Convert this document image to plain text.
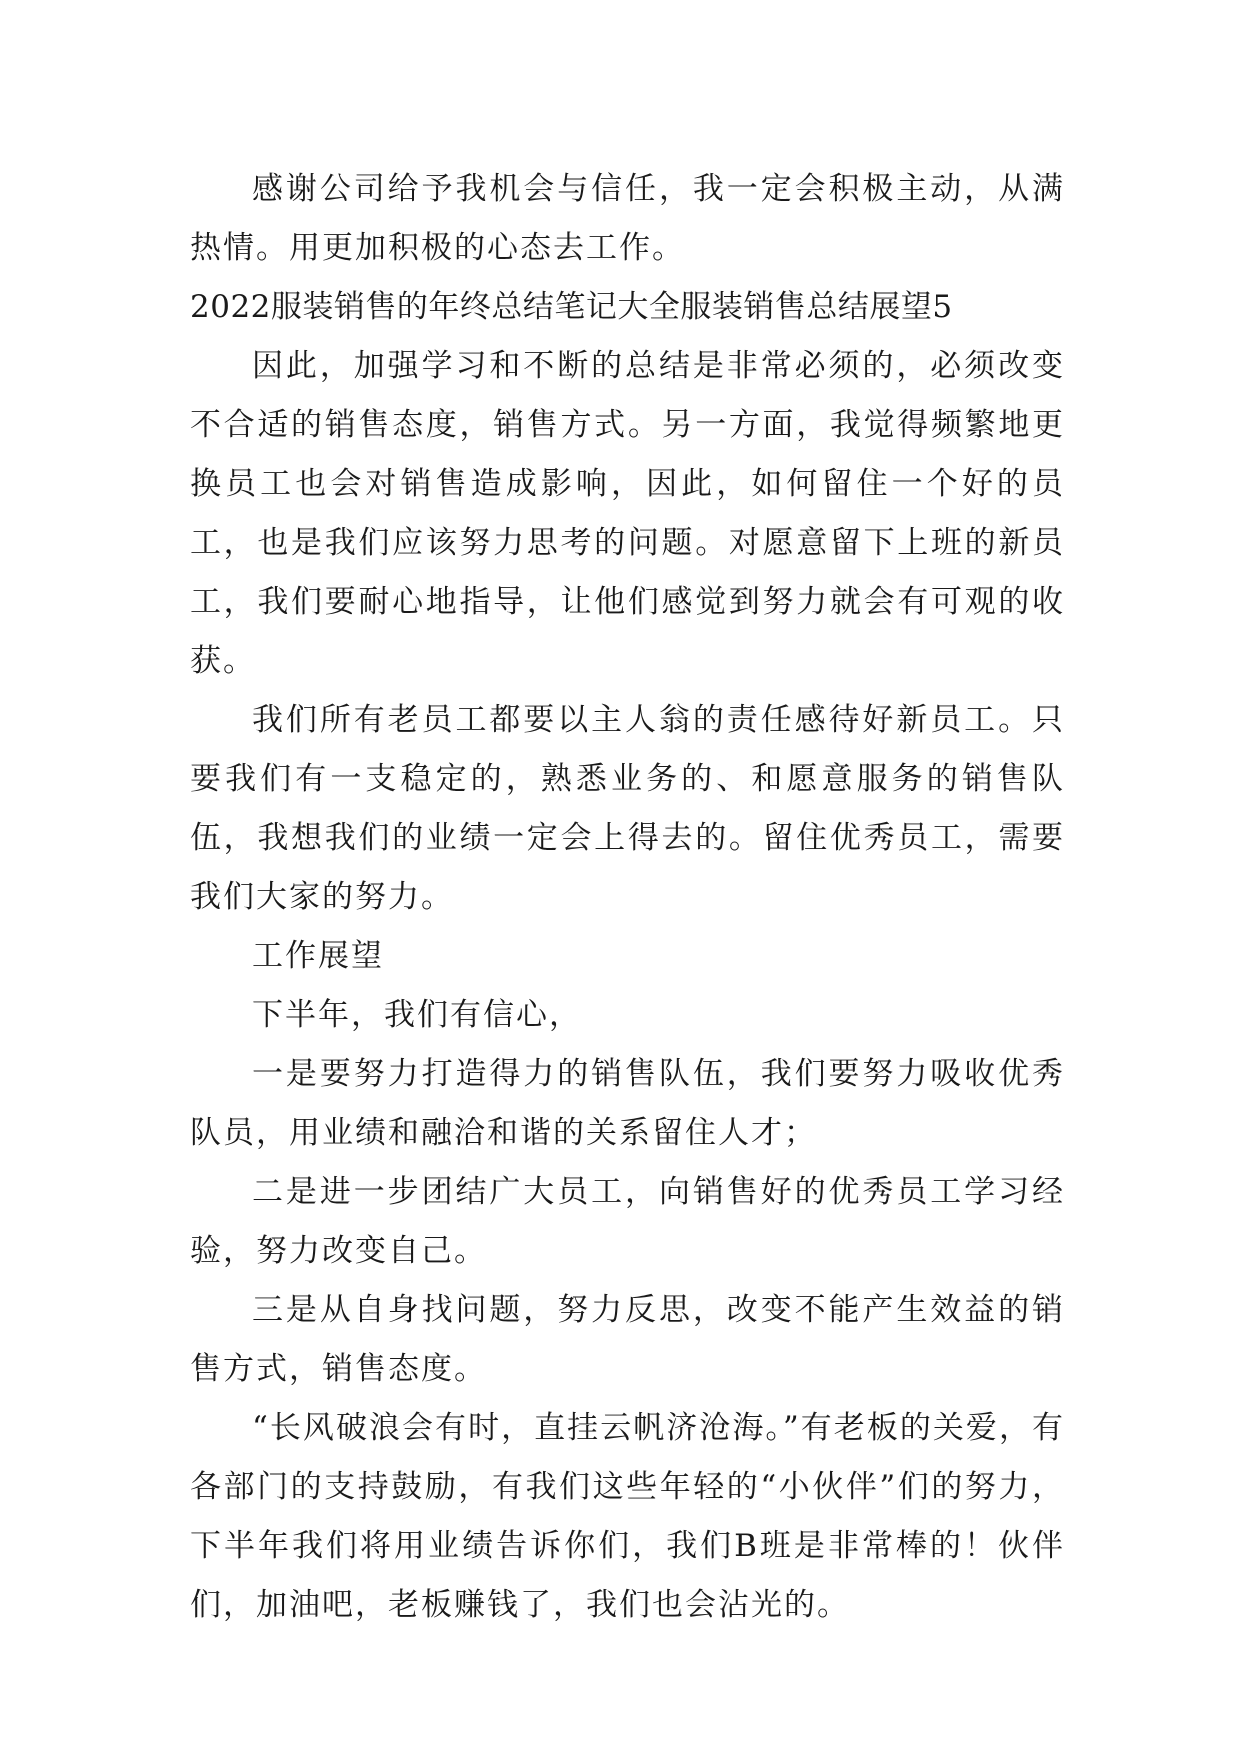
感谢公司给予我机会与信任，我一定会积极主动，从满热情。用更加积极的心态去工作。

2022服装销售的年终总结笔记大全服装销售总结展望5

因此，加强学习和不断的总结是非常必须的，必须改变不合适的销售态度，销售方式。另一方面，我觉得频繁地更换员工也会对销售造成影响，因此，如何留住一个好的员工，也是我们应该努力思考的问题。对愿意留下上班的新员工，我们要耐心地指导，让他们感觉到努力就会有可观的收获。

我们所有老员工都要以主人翁的责任感待好新员工。只要我们有一支稳定的，熟悉业务的、和愿意服务的销售队伍，我想我们的业绩一定会上得去的。留住优秀员工，需要我们大家的努力。

工作展望

下半年，我们有信心，

一是要努力打造得力的销售队伍，我们要努力吸收优秀队员，用业绩和融洽和谐的关系留住人才；

二是进一步团结广大员工，向销售好的优秀员工学习经验，努力改变自己。

三是从自身找问题，努力反思，改变不能产生效益的销售方式，销售态度。

“长风破浪会有时，直挂云帆济沧海。”有老板的关爱，有各部门的支持鼓励，有我们这些年轻的“小伙伴”们的努力，下半年我们将用业绩告诉你们，我们B班是非常棒的！伙伴们，加油吧，老板赚钱了，我们也会沾光的。
